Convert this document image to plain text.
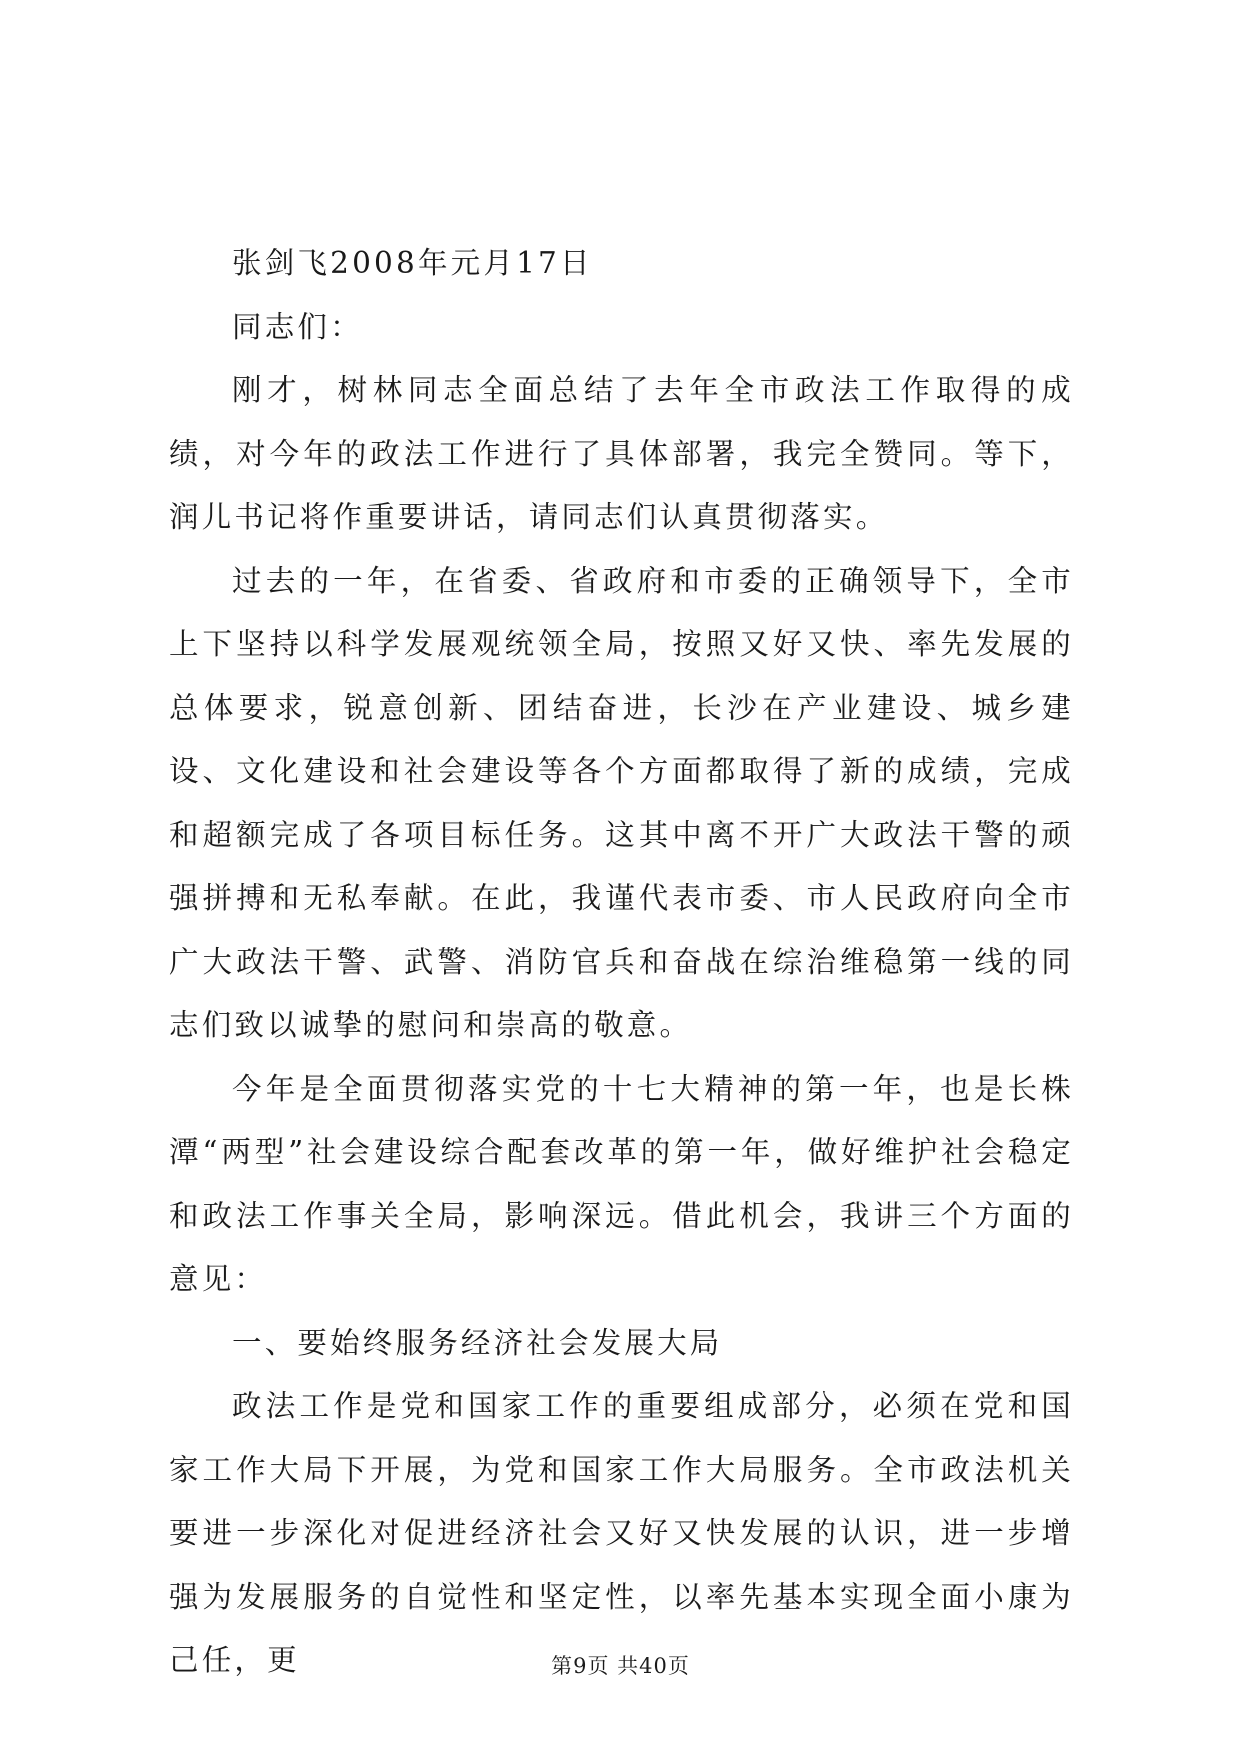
张剑飞2008年元月17日

同志们：

刚才，树林同志全面总结了去年全市政法工作取得的成绩，对今年的政法工作进行了具体部署，我完全赞同。等下，润儿书记将作重要讲话，请同志们认真贯彻落实。

过去的一年，在省委、省政府和市委的正确领导下，全市上下坚持以科学发展观统领全局，按照又好又快、率先发展的总体要求，锐意创新、团结奋进，长沙在产业建设、城乡建设、文化建设和社会建设等各个方面都取得了新的成绩，完成和超额完成了各项目标任务。这其中离不开广大政法干警的顽强拼搏和无私奉献。在此，我谨代表市委、市人民政府向全市广大政法干警、武警、消防官兵和奋战在综治维稳第一线的同志们致以诚挚的慰问和崇高的敬意。

今年是全面贯彻落实党的十七大精神的第一年，也是长株潭“两型”社会建设综合配套改革的第一年，做好维护社会稳定和政法工作事关全局，影响深远。借此机会，我讲三个方面的意见：

一、要始终服务经济社会发展大局

政法工作是党和国家工作的重要组成部分，必须在党和国家工作大局下开展，为党和国家工作大局服务。全市政法机关要进一步深化对促进经济社会又好又快发展的认识，进一步增强为发展服务的自觉性和坚定性，以率先基本实现全面小康为己任，更	第9页 共40页
